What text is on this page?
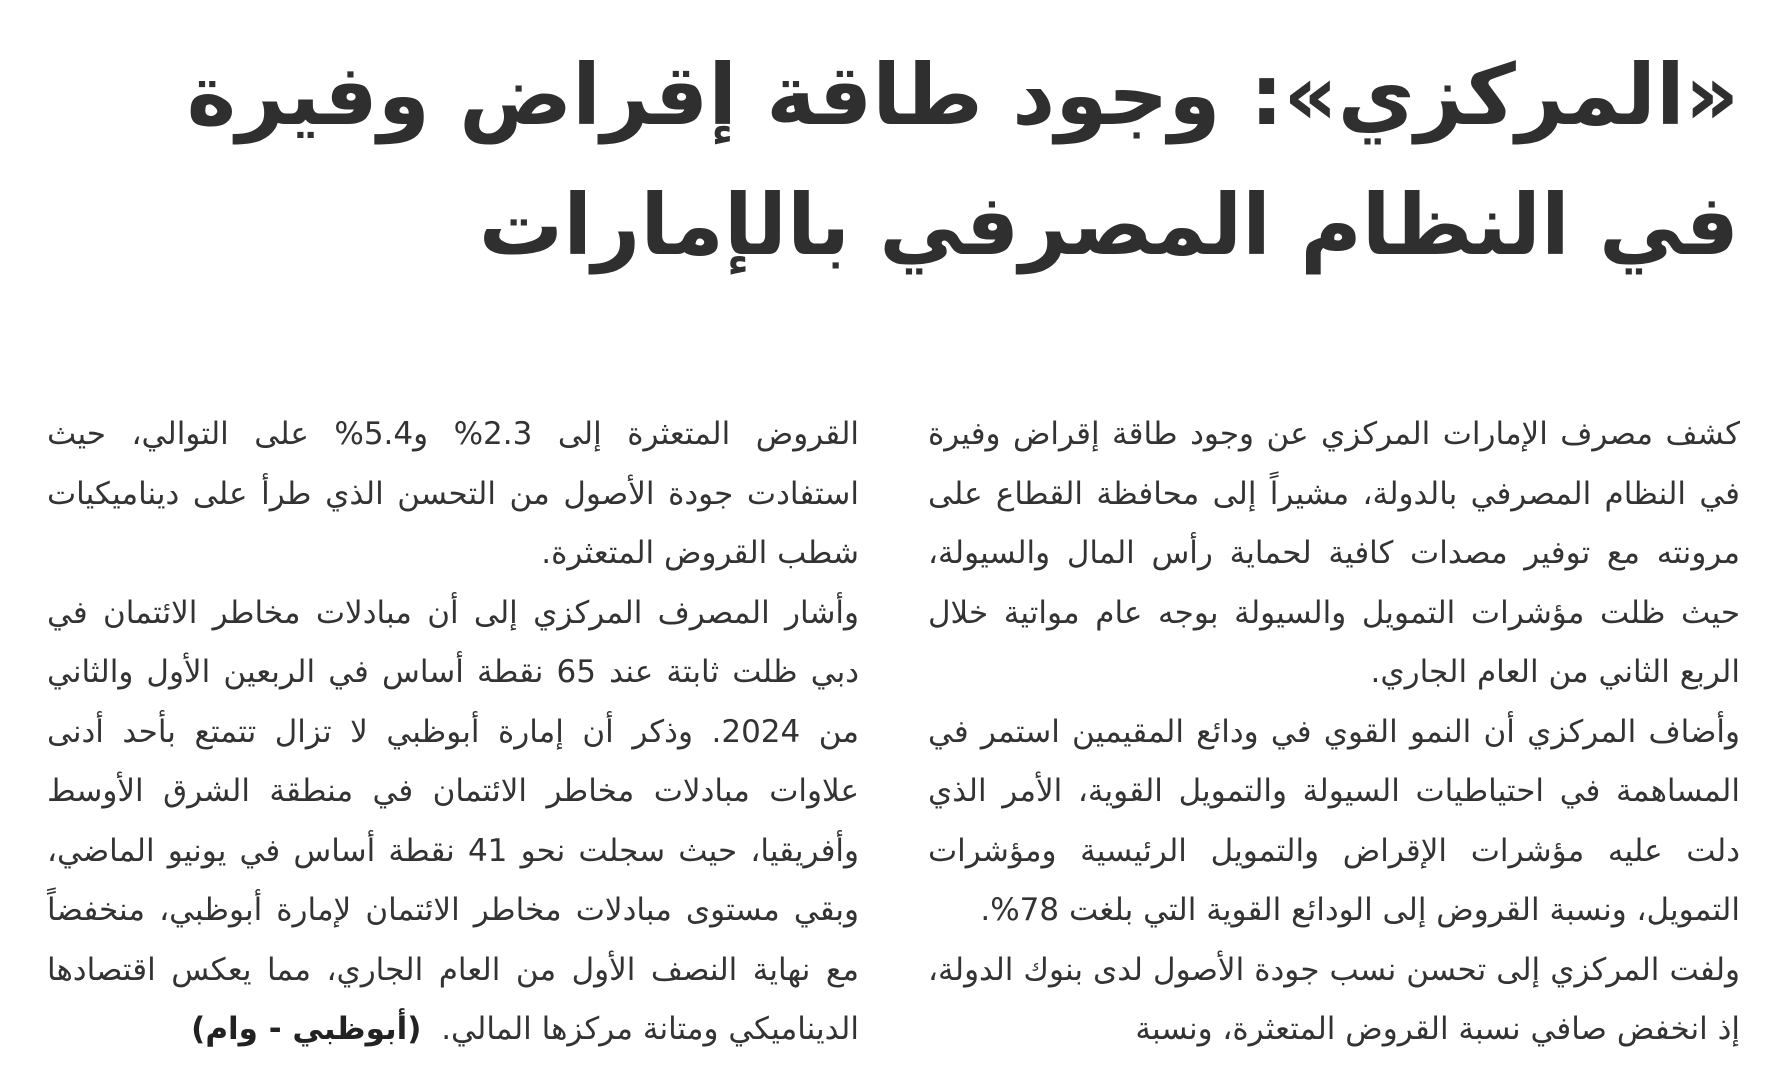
«المركزي»: وجود طاقة إقراض وفيرة
في النظام المصرفي بالإمارات

كشف مصرف الإمارات المركزي عن وجود طاقة إقراض وفيرة في النظام المصرفي بالدولة، مشيراً إلى محافظة القطاع على مرونته مع توفير مصدات كافية لحماية رأس المال والسيولة، حيث ظلت مؤشرات التمويل والسيولة بوجه عام مواتية خلال الربع الثاني من العام الجاري.

وأضاف المركزي أن النمو القوي في ودائع المقيمين استمر في المساهمة في احتياطيات السيولة والتمويل القوية، الأمر الذي دلت عليه مؤشرات الإقراض والتمويل الرئيسية ومؤشرات التمويل، ونسبة القروض إلى الودائع القوية التي بلغت 78%.

ولفت المركزي إلى تحسن نسب جودة الأصول لدى بنوك الدولة، إذ انخفض صافي نسبة القروض المتعثرة، ونسبة

القروض المتعثرة إلى 2.3% و5.4% على التوالي، حيث استفادت جودة الأصول من التحسن الذي طرأ على ديناميكيات شطب القروض المتعثرة.

وأشار المصرف المركزي إلى أن مبادلات مخاطر الائتمان في دبي ظلت ثابتة عند 65 نقطة أساس في الربعين الأول والثاني من 2024. وذكر أن إمارة أبوظبي لا تزال تتمتع بأحد أدنى علاوات مبادلات مخاطر الائتمان في منطقة الشرق الأوسط وأفريقيا، حيث سجلت نحو 41 نقطة أساس في يونيو الماضي، وبقي مستوى مبادلات مخاطر الائتمان لإمارة أبوظبي، منخفضاً مع نهاية النصف الأول من العام الجاري، مما يعكس اقتصادها الديناميكي ومتانة مركزها المالي.  (أبوظبي - وام)
